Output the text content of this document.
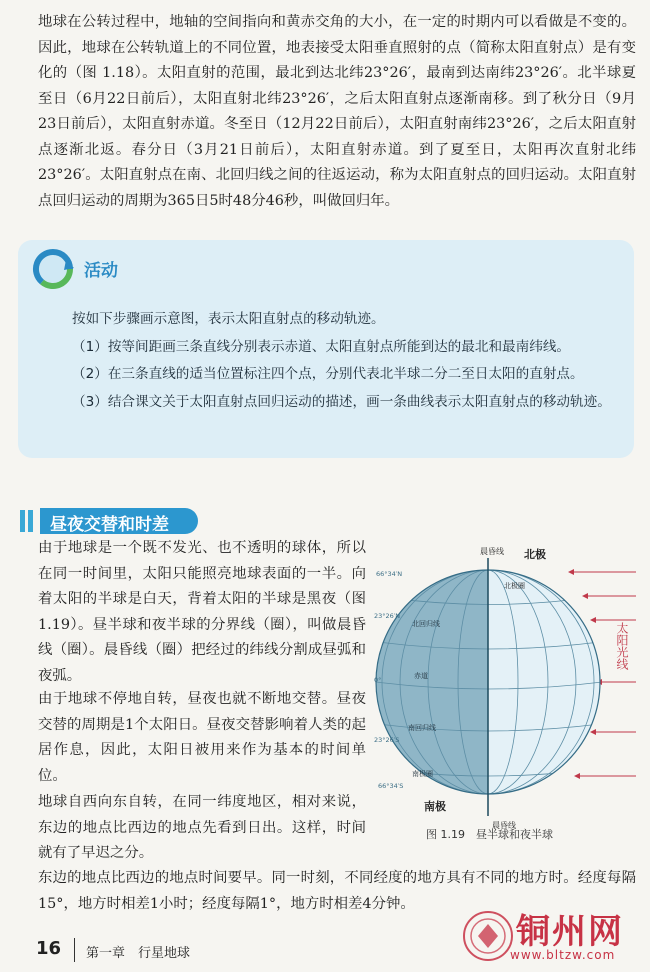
地球在公转过程中，地轴的空间指向和黄赤交角的大小，在一定的时期内可以看做是不变的。因此，地球在公转轨道上的不同位置，地表接受太阳垂直照射的点（简称太阳直射点）是有变化的（图 1.18）。太阳直射的范围，最北到达北纬23°26′，最南到达南纬23°26′。北半球夏至日（6月22日前后），太阳直射北纬23°26′，之后太阳直射点逐渐南移。到了秋分日（9月23日前后），太阳直射赤道。冬至日（12月22日前后），太阳直射南纬23°26′，之后太阳直射点逐渐北返。春分日（3月21日前后），太阳直射赤道。到了夏至日，太阳再次直射北纬23°26′。太阳直射点在南、北回归线之间的往返运动，称为太阳直射点的回归运动。太阳直射点回归运动的周期为365日5时48分46秒，叫做回归年。

活动

按如下步骤画示意图，表示太阳直射点的移动轨迹。

（1）按等间距画三条直线分别表示赤道、太阳直射点所能到达的最北和最南纬线。

（2）在三条直线的适当位置标注四个点，分别代表北半球二分二至日太阳的直射点。

（3）结合课文关于太阳直射点回归运动的描述，画一条曲线表示太阳直射点的移动轨迹。

昼夜交替和时差

由于地球是一个既不发光、也不透明的球体，所以在同一时间里，太阳只能照亮地球表面的一半。向着太阳的半球是白天，背着太阳的半球是黑夜（图1.19）。昼半球和夜半球的分界线（圈），叫做晨昏线（圈）。晨昏线（圈）把经过的纬线分割成昼弧和夜弧。

由于地球不停地自转，昼夜也就不断地交替。昼夜交替的周期是1个太阳日。昼夜交替影响着人类的起居作息，因此，太阳日被用来作为基本的时间单位。

地球自西向东自转，在同一纬度地区，相对来说，东边的地点比西边的地点先看到日出。这样，时间就有了早迟之分。

东边的地点比西边的地点时间要早。同一时刻，不同经度的地方具有不同的地方时。经度每隔15°，地方时相差1小时；经度每隔1°，地方时相差4分钟。

晨昏线 北极
南极
晨昏线
北极圈
北回归线
赤道
南回归线
南极圈
66°34′N
23°26′N
0°
23°26′S
66°34′S
太阳光线
图 1.19　昼半球和夜半球
16 第一章　行星地球
铜州网
www.bltzw.com
